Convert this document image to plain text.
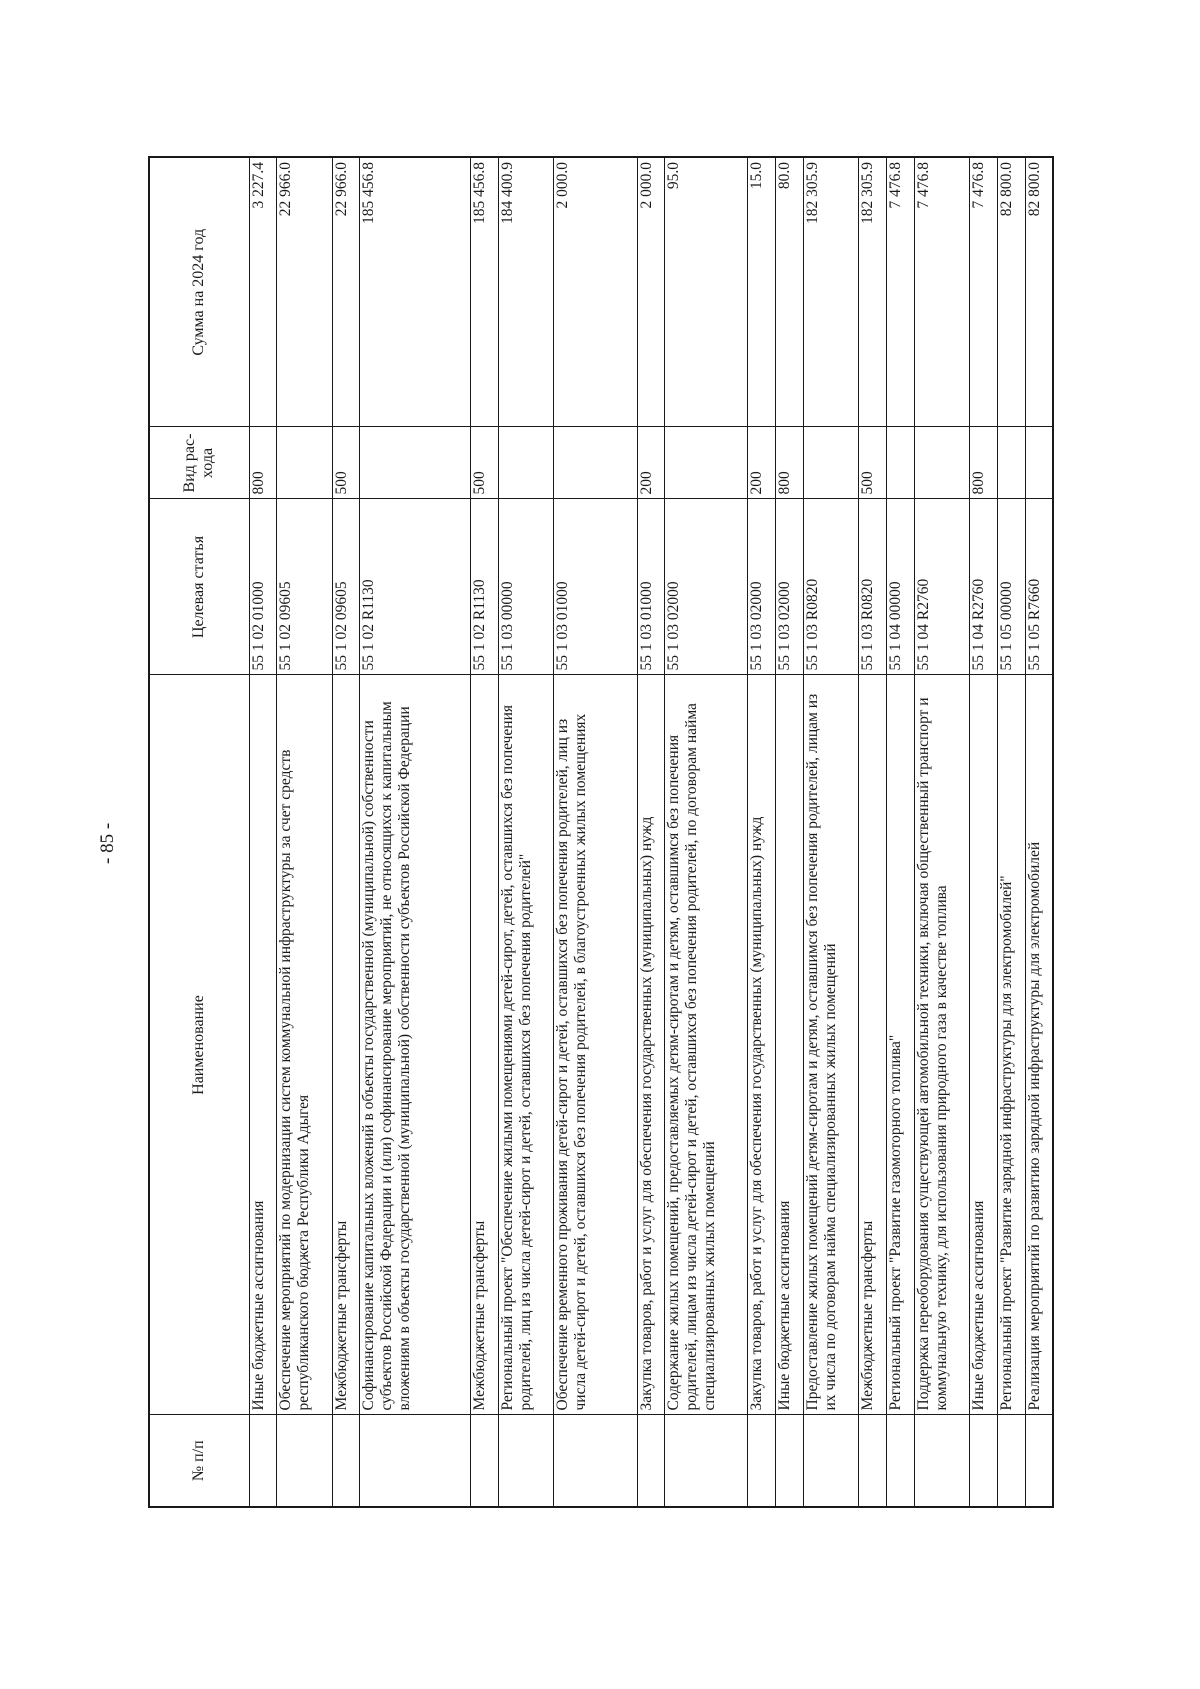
- 85 -
№ п/п	Наименование	Целевая статья	Вид рас-хода	Сумма на 2024 год
	Иные бюджетные ассигнования	55 1 02 01000	800	3 227.4
	Обеспечение мероприятий по модернизации систем коммунальной инфраструктуры за счет средств республиканского бюджета Республики Адыгея	55 1 02 09605		22 966.0
	Межбюджетные трансферты	55 1 02 09605	500	22 966.0
	Софинансирование капитальных вложений в объекты государственной (муниципальной) собственности субъектов Российской Федерации и (или) софинансирование мероприятий, не относящихся к капитальным вложениям в объекты государственной (муниципальной) собственности субъектов Российской Федерации	55 1 02 R1130		185 456.8
	Межбюджетные трансферты	55 1 02 R1130	500	185 456.8
	Региональный проект "Обеспечение жилыми помещениями детей-сирот, детей, оставшихся без попечения родителей, лиц из числа детей-сирот и детей, оставшихся без попечения родителей"	55 1 03 00000		184 400.9
	Обеспечение временного проживания детей-сирот и детей, оставшихся без попечения родителей, лиц из числа детей-сирот и детей, оставшихся без попечения родителей, в благоустроенных жилых помещениях	55 1 03 01000		2 000.0
	Закупка товаров, работ и услуг для обеспечения государственных (муниципальных) нужд	55 1 03 01000	200	2 000.0
	Содержание жилых помещений, предоставляемых детям-сиротам и детям, оставшимся без попечения родителей, лицам из числа детей-сирот и детей, оставшихся без попечения родителей, по договорам найма специализированных жилых помещений	55 1 03 02000		95.0
	Закупка товаров, работ и услуг для обеспечения государственных (муниципальных) нужд	55 1 03 02000	200	15.0
	Иные бюджетные ассигнования	55 1 03 02000	800	80.0
	Предоставление жилых помещений детям-сиротам и детям, оставшимся без попечения родителей, лицам из их числа по договорам найма специализированных жилых помещений	55 1 03 R0820		182 305.9
	Межбюджетные трансферты	55 1 03 R0820	500	182 305.9
	Региональный проект "Развитие газомоторного топлива"	55 1 04 00000		7 476.8
	Поддержка переоборудования существующей автомобильной техники, включая общественный транспорт и коммунальную технику, для использования природного газа в качестве топлива	55 1 04 R2760		7 476.8
	Иные бюджетные ассигнования	55 1 04 R2760	800	7 476.8
	Региональный проект "Развитие зарядной инфраструктуры для электромобилей"	55 1 05 00000		82 800.0
	Реализация мероприятий по развитию зарядной инфраструктуры для электромобилей	55 1 05 R7660		82 800.0
